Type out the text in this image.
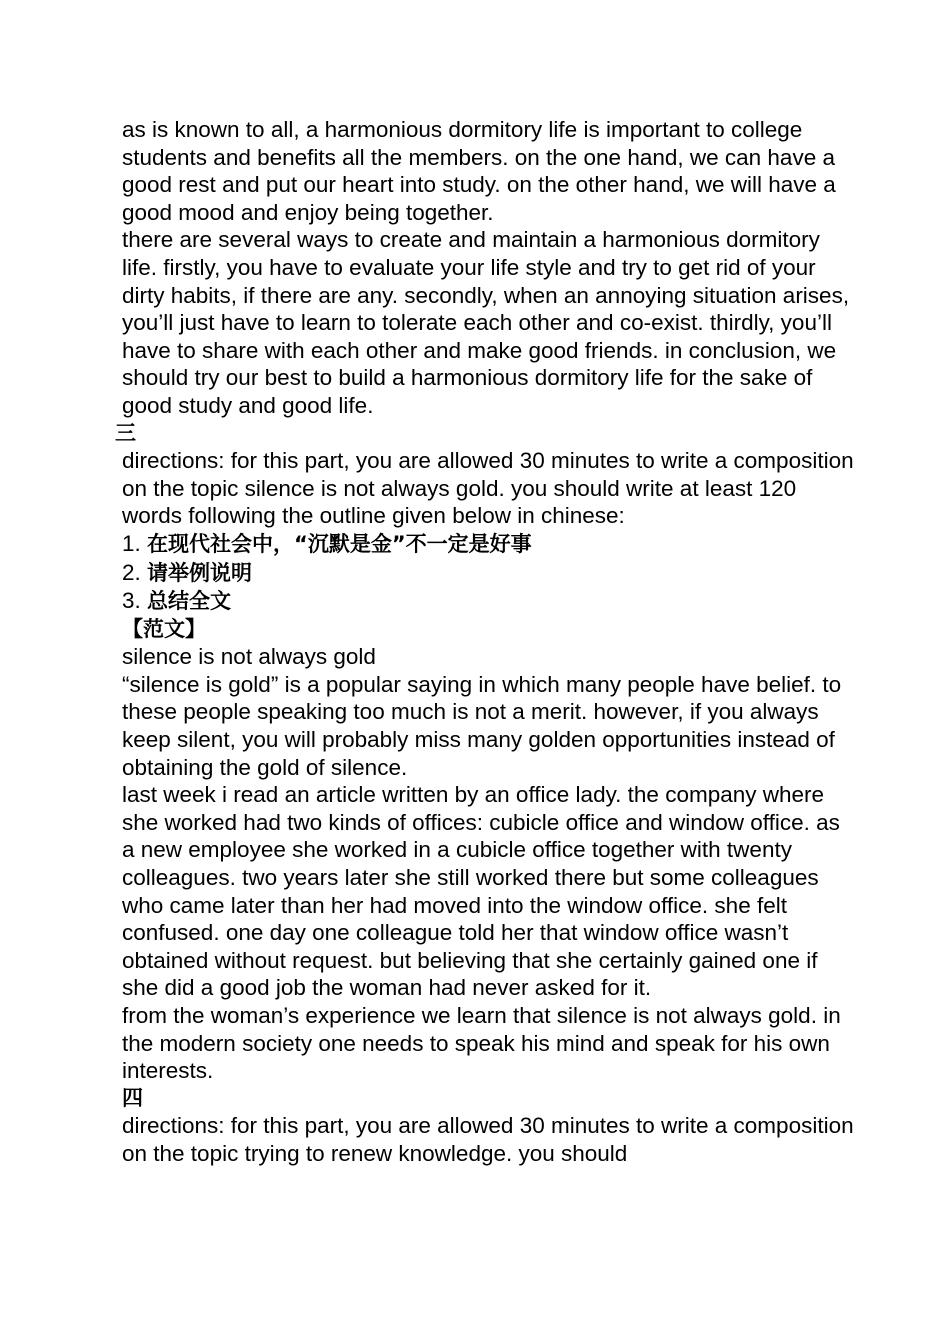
as is known to all, a harmonious dormitory life is important to college students and benefits all the members. on the one hand, we can have a good rest and put our heart into study. on the other hand, we will have a good mood and enjoy being together.

there are several ways to create and maintain a harmonious dormitory life. firstly, you have to evaluate your life style and try to get rid of your dirty habits, if there are any. secondly, when an annoying situation arises, you’ll just have to learn to tolerate each other and co-exist. thirdly, you’ll have to share with each other and make good friends. in conclusion, we should try our best to build a harmonious dormitory life for the sake of good study and good life.

三

directions: for this part, you are allowed 30 minutes to write a composition on the topic silence is not always gold. you should write at least 120 words following the outline given below in chinese:

1. 在现代社会中，“沉默是金”不一定是好事

2. 请举例说明

3. 总结全文

【范文】

silence is not always gold

“silence is gold” is a popular saying in which many people have belief. to these people speaking too much is not a merit. however, if you always keep silent, you will probably miss many golden opportunities instead of obtaining the gold of silence.

last week i read an article written by an office lady. the company where she worked had two kinds of offices: cubicle office and window office. as a new employee she worked in a cubicle office together with twenty colleagues. two years later she still worked there but some colleagues who came later than her had moved into the window office. she felt confused. one day one colleague told her that window office wasn’t obtained without request. but believing that she certainly gained one if she did a good job the woman had never asked for it.

from the woman’s experience we learn that silence is not always gold. in the modern society one needs to speak his mind and speak for his own interests.

四

directions: for this part, you are allowed 30 minutes to write a composition on the topic trying to renew knowledge. you should
